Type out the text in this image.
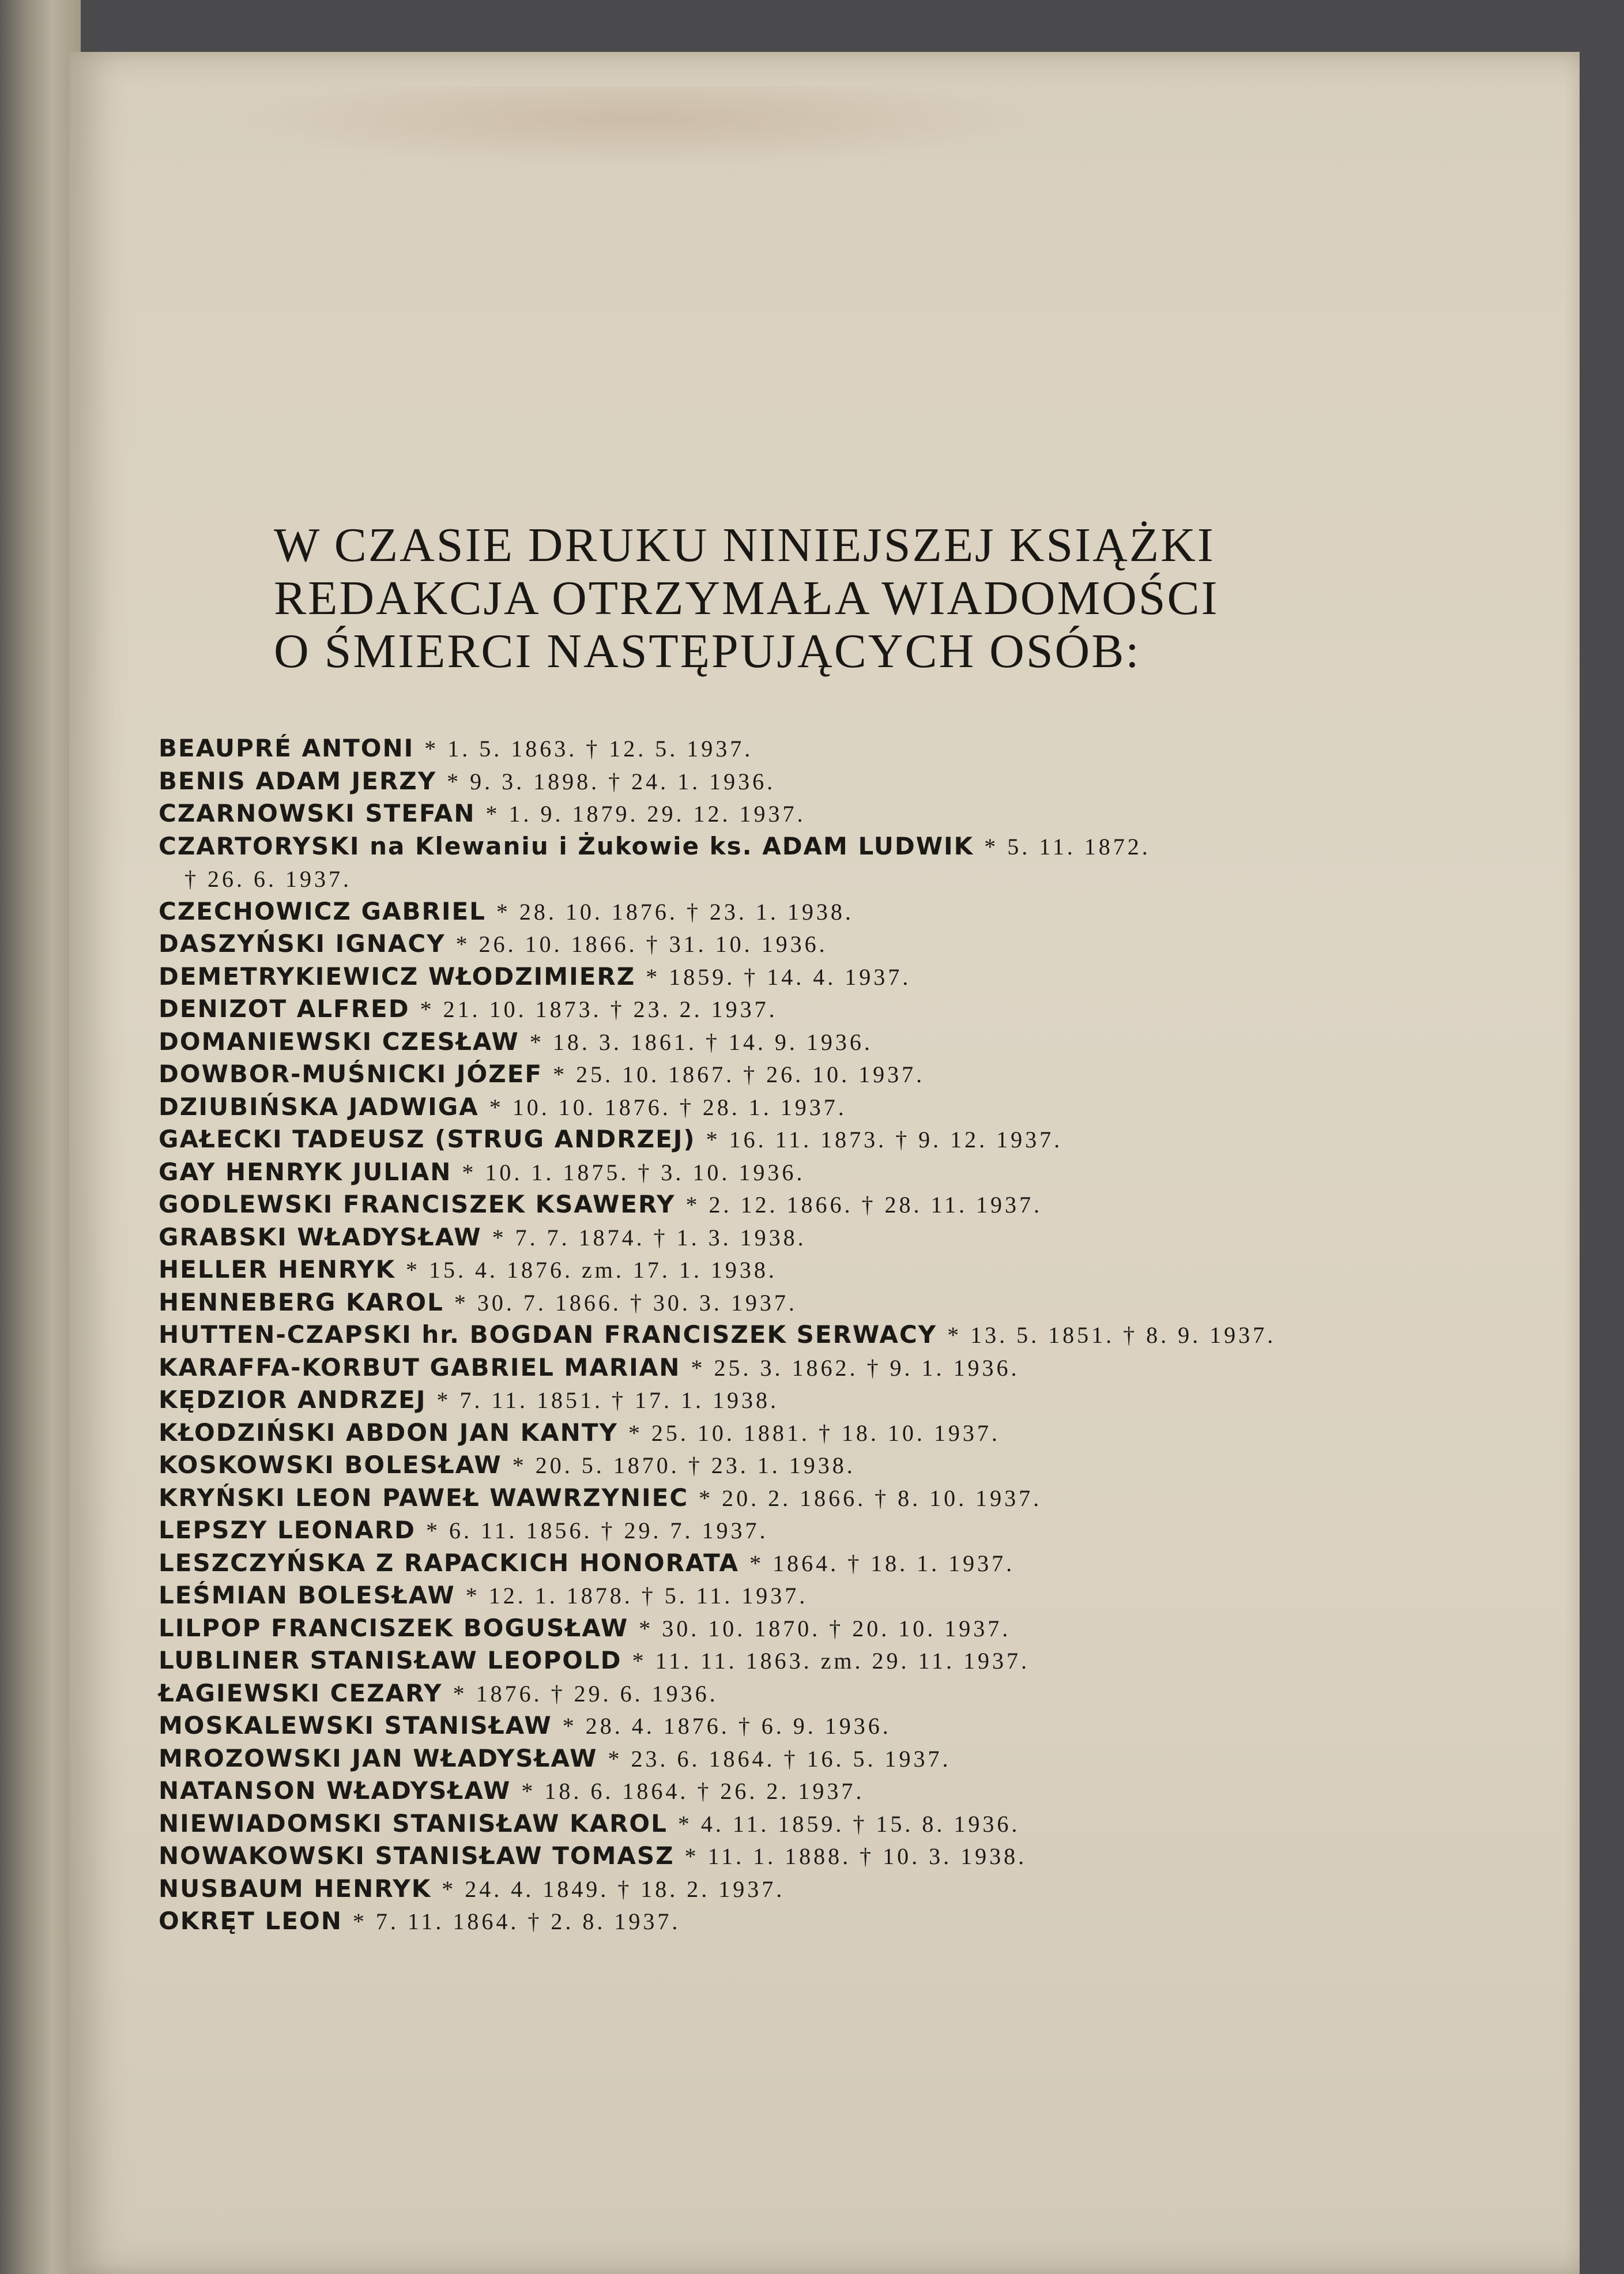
W CZASIE DRUKU NINIEJSZEJ KSIĄŻKI
REDAKCJA OTRZYMAŁA WIADOMOŚCI
O ŚMIERCI NASTĘPUJĄCYCH OSÓB:
BEAUPRÉ ANTONI * 1. 5. 1863. † 12. 5. 1937.
BENIS ADAM JERZY * 9. 3. 1898. † 24. 1. 1936.
CZARNOWSKI STEFAN * 1. 9. 1879. 29. 12. 1937.
CZARTORYSKI na Klewaniu i Żukowie ks. ADAM LUDWIK * 5. 11. 1872.
† 26. 6. 1937.
CZECHOWICZ GABRIEL * 28. 10. 1876. † 23. 1. 1938.
DASZYŃSKI IGNACY * 26. 10. 1866. † 31. 10. 1936.
DEMETRYKIEWICZ WŁODZIMIERZ * 1859. † 14. 4. 1937.
DENIZOT ALFRED * 21. 10. 1873. † 23. 2. 1937.
DOMANIEWSKI CZESŁAW * 18. 3. 1861. † 14. 9. 1936.
DOWBOR-MUŚNICKI JÓZEF * 25. 10. 1867. † 26. 10. 1937.
DZIUBIŃSKA JADWIGA * 10. 10. 1876. † 28. 1. 1937.
GAŁECKI TADEUSZ (STRUG ANDRZEJ) * 16. 11. 1873. † 9. 12. 1937.
GAY HENRYK JULIAN * 10. 1. 1875. † 3. 10. 1936.
GODLEWSKI FRANCISZEK KSAWERY * 2. 12. 1866. † 28. 11. 1937.
GRABSKI WŁADYSŁAW * 7. 7. 1874. † 1. 3. 1938.
HELLER HENRYK * 15. 4. 1876. zm. 17. 1. 1938.
HENNEBERG KAROL * 30. 7. 1866. † 30. 3. 1937.
HUTTEN-CZAPSKI hr. BOGDAN FRANCISZEK SERWACY * 13. 5. 1851. † 8. 9. 1937.
KARAFFA-KORBUT GABRIEL MARIAN * 25. 3. 1862. † 9. 1. 1936.
KĘDZIOR ANDRZEJ * 7. 11. 1851. † 17. 1. 1938.
KŁODZIŃSKI ABDON JAN KANTY * 25. 10. 1881. † 18. 10. 1937.
KOSKOWSKI BOLESŁAW * 20. 5. 1870. † 23. 1. 1938.
KRYŃSKI LEON PAWEŁ WAWRZYNIEC * 20. 2. 1866. † 8. 10. 1937.
LEPSZY LEONARD * 6. 11. 1856. † 29. 7. 1937.
LESZCZYŃSKA Z RAPACKICH HONORATA * 1864. † 18. 1. 1937.
LEŚMIAN BOLESŁAW * 12. 1. 1878. † 5. 11. 1937.
LILPOP FRANCISZEK BOGUSŁAW * 30. 10. 1870. † 20. 10. 1937.
LUBLINER STANISŁAW LEOPOLD * 11. 11. 1863. zm. 29. 11. 1937.
ŁAGIEWSKI CEZARY * 1876. † 29. 6. 1936.
MOSKALEWSKI STANISŁAW * 28. 4. 1876. † 6. 9. 1936.
MROZOWSKI JAN WŁADYSŁAW * 23. 6. 1864. † 16. 5. 1937.
NATANSON WŁADYSŁAW * 18. 6. 1864. † 26. 2. 1937.
NIEWIADOMSKI STANISŁAW KAROL * 4. 11. 1859. † 15. 8. 1936.
NOWAKOWSKI STANISŁAW TOMASZ * 11. 1. 1888. † 10. 3. 1938.
NUSBAUM HENRYK * 24. 4. 1849. † 18. 2. 1937.
OKRĘT LEON * 7. 11. 1864. † 2. 8. 1937.
